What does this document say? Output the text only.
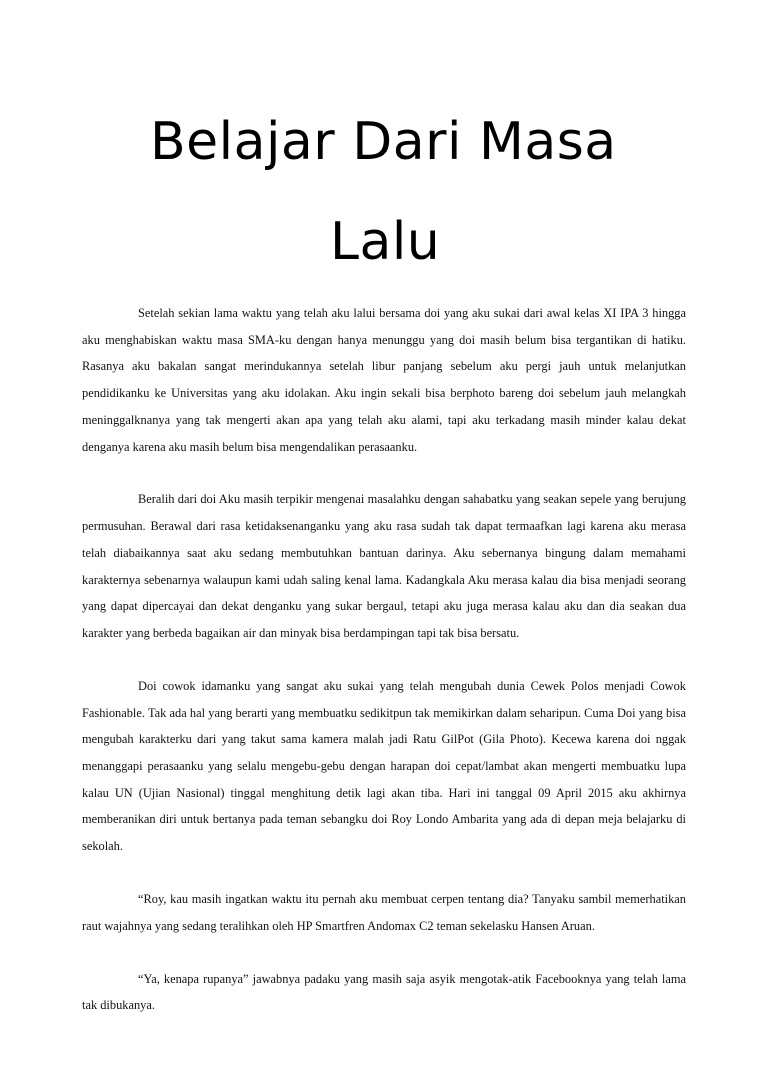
Belajar Dari Masa
Lalu

Setelah sekian lama waktu yang telah aku lalui bersama doi yang aku sukai dari awal kelas XI IPA 3 hingga aku menghabiskan waktu masa SMA-ku dengan hanya menunggu yang doi masih belum bisa tergantikan di hatiku. Rasanya aku bakalan sangat merindukannya setelah libur panjang sebelum aku pergi jauh untuk melanjutkan pendidikanku ke Universitas yang aku idolakan. Aku ingin sekali bisa berphoto bareng doi sebelum jauh melangkah meninggalknanya yang tak mengerti akan apa yang telah aku alami, tapi aku terkadang masih minder kalau dekat denganya karena aku masih belum bisa mengendalikan perasaanku.

Beralih dari doi Aku masih terpikir mengenai masalahku dengan sahabatku yang seakan sepele yang berujung permusuhan. Berawal dari rasa ketidaksenanganku yang aku rasa sudah tak dapat termaafkan lagi karena aku merasa telah diabaikannya saat aku sedang membutuhkan bantuan darinya. Aku sebernanya bingung dalam memahami karakternya sebenarnya walaupun kami udah saling kenal lama. Kadangkala Aku merasa kalau dia bisa menjadi seorang yang dapat dipercayai dan dekat denganku yang sukar bergaul, tetapi aku juga merasa kalau aku dan dia seakan dua karakter yang berbeda bagaikan air dan minyak bisa berdampingan tapi tak bisa bersatu.

Doi cowok idamanku yang sangat aku sukai yang telah mengubah dunia Cewek Polos menjadi Cowok Fashionable. Tak ada hal yang berarti yang membuatku sedikitpun tak memikirkan dalam seharipun. Cuma Doi yang bisa mengubah karakterku dari yang takut sama kamera malah jadi Ratu GilPot (Gila Photo). Kecewa karena doi nggak menanggapi perasaanku yang selalu mengebu-gebu dengan harapan doi cepat/lambat akan mengerti membuatku lupa kalau UN (Ujian Nasional) tinggal menghitung detik lagi akan tiba. Hari ini tanggal 09 April 2015 aku akhirnya memberanikan diri untuk bertanya pada teman sebangku doi Roy Londo Ambarita yang ada di depan meja belajarku di sekolah.

“Roy, kau masih ingatkan waktu itu pernah aku membuat cerpen tentang dia? Tanyaku sambil memerhatikan raut wajahnya yang sedang teralihkan oleh HP Smartfren Andomax C2 teman sekelasku Hansen Aruan.

“Ya, kenapa rupanya” jawabnya padaku yang masih saja asyik mengotak-atik Facebooknya yang telah lama tak dibukanya.
